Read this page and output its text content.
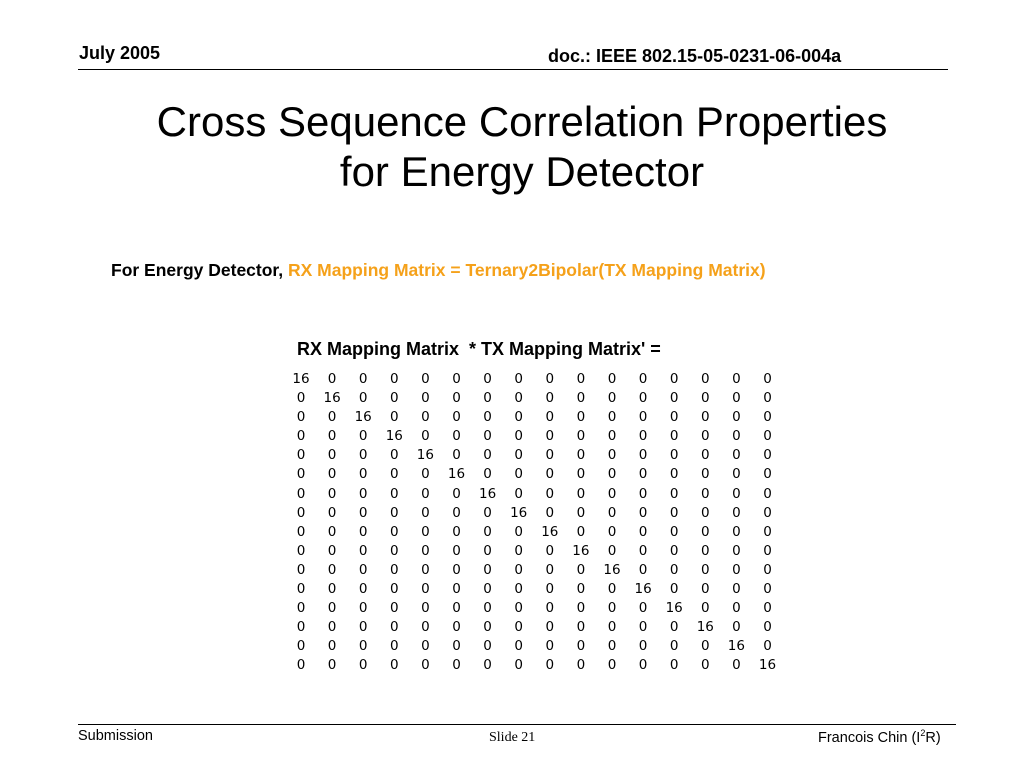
July 2005	doc.: IEEE 802.15-05-0231-06-004a
Cross Sequence Correlation Properties
for Energy Detector
For Energy Detector, RX Mapping Matrix = Ternary2Bipolar(TX Mapping Matrix)
RX Mapping Matrix  * TX Mapping Matrix' =
16	0	0	0	0	0	0	0	0	0	0	0	0	0	0	0
0	16	0	0	0	0	0	0	0	0	0	0	0	0	0	0
0	0	16	0	0	0	0	0	0	0	0	0	0	0	0	0
0	0	0	16	0	0	0	0	0	0	0	0	0	0	0	0
0	0	0	0	16	0	0	0	0	0	0	0	0	0	0	0
0	0	0	0	0	16	0	0	0	0	0	0	0	0	0	0
0	0	0	0	0	0	16	0	0	0	0	0	0	0	0	0
0	0	0	0	0	0	0	16	0	0	0	0	0	0	0	0
0	0	0	0	0	0	0	0	16	0	0	0	0	0	0	0
0	0	0	0	0	0	0	0	0	16	0	0	0	0	0	0
0	0	0	0	0	0	0	0	0	0	16	0	0	0	0	0
0	0	0	0	0	0	0	0	0	0	0	16	0	0	0	0
0	0	0	0	0	0	0	0	0	0	0	0	16	0	0	0
0	0	0	0	0	0	0	0	0	0	0	0	0	16	0	0
0	0	0	0	0	0	0	0	0	0	0	0	0	0	16	0
0	0	0	0	0	0	0	0	0	0	0	0	0	0	0	16
Submission	Slide 21	Francois Chin $(I^2R)$
